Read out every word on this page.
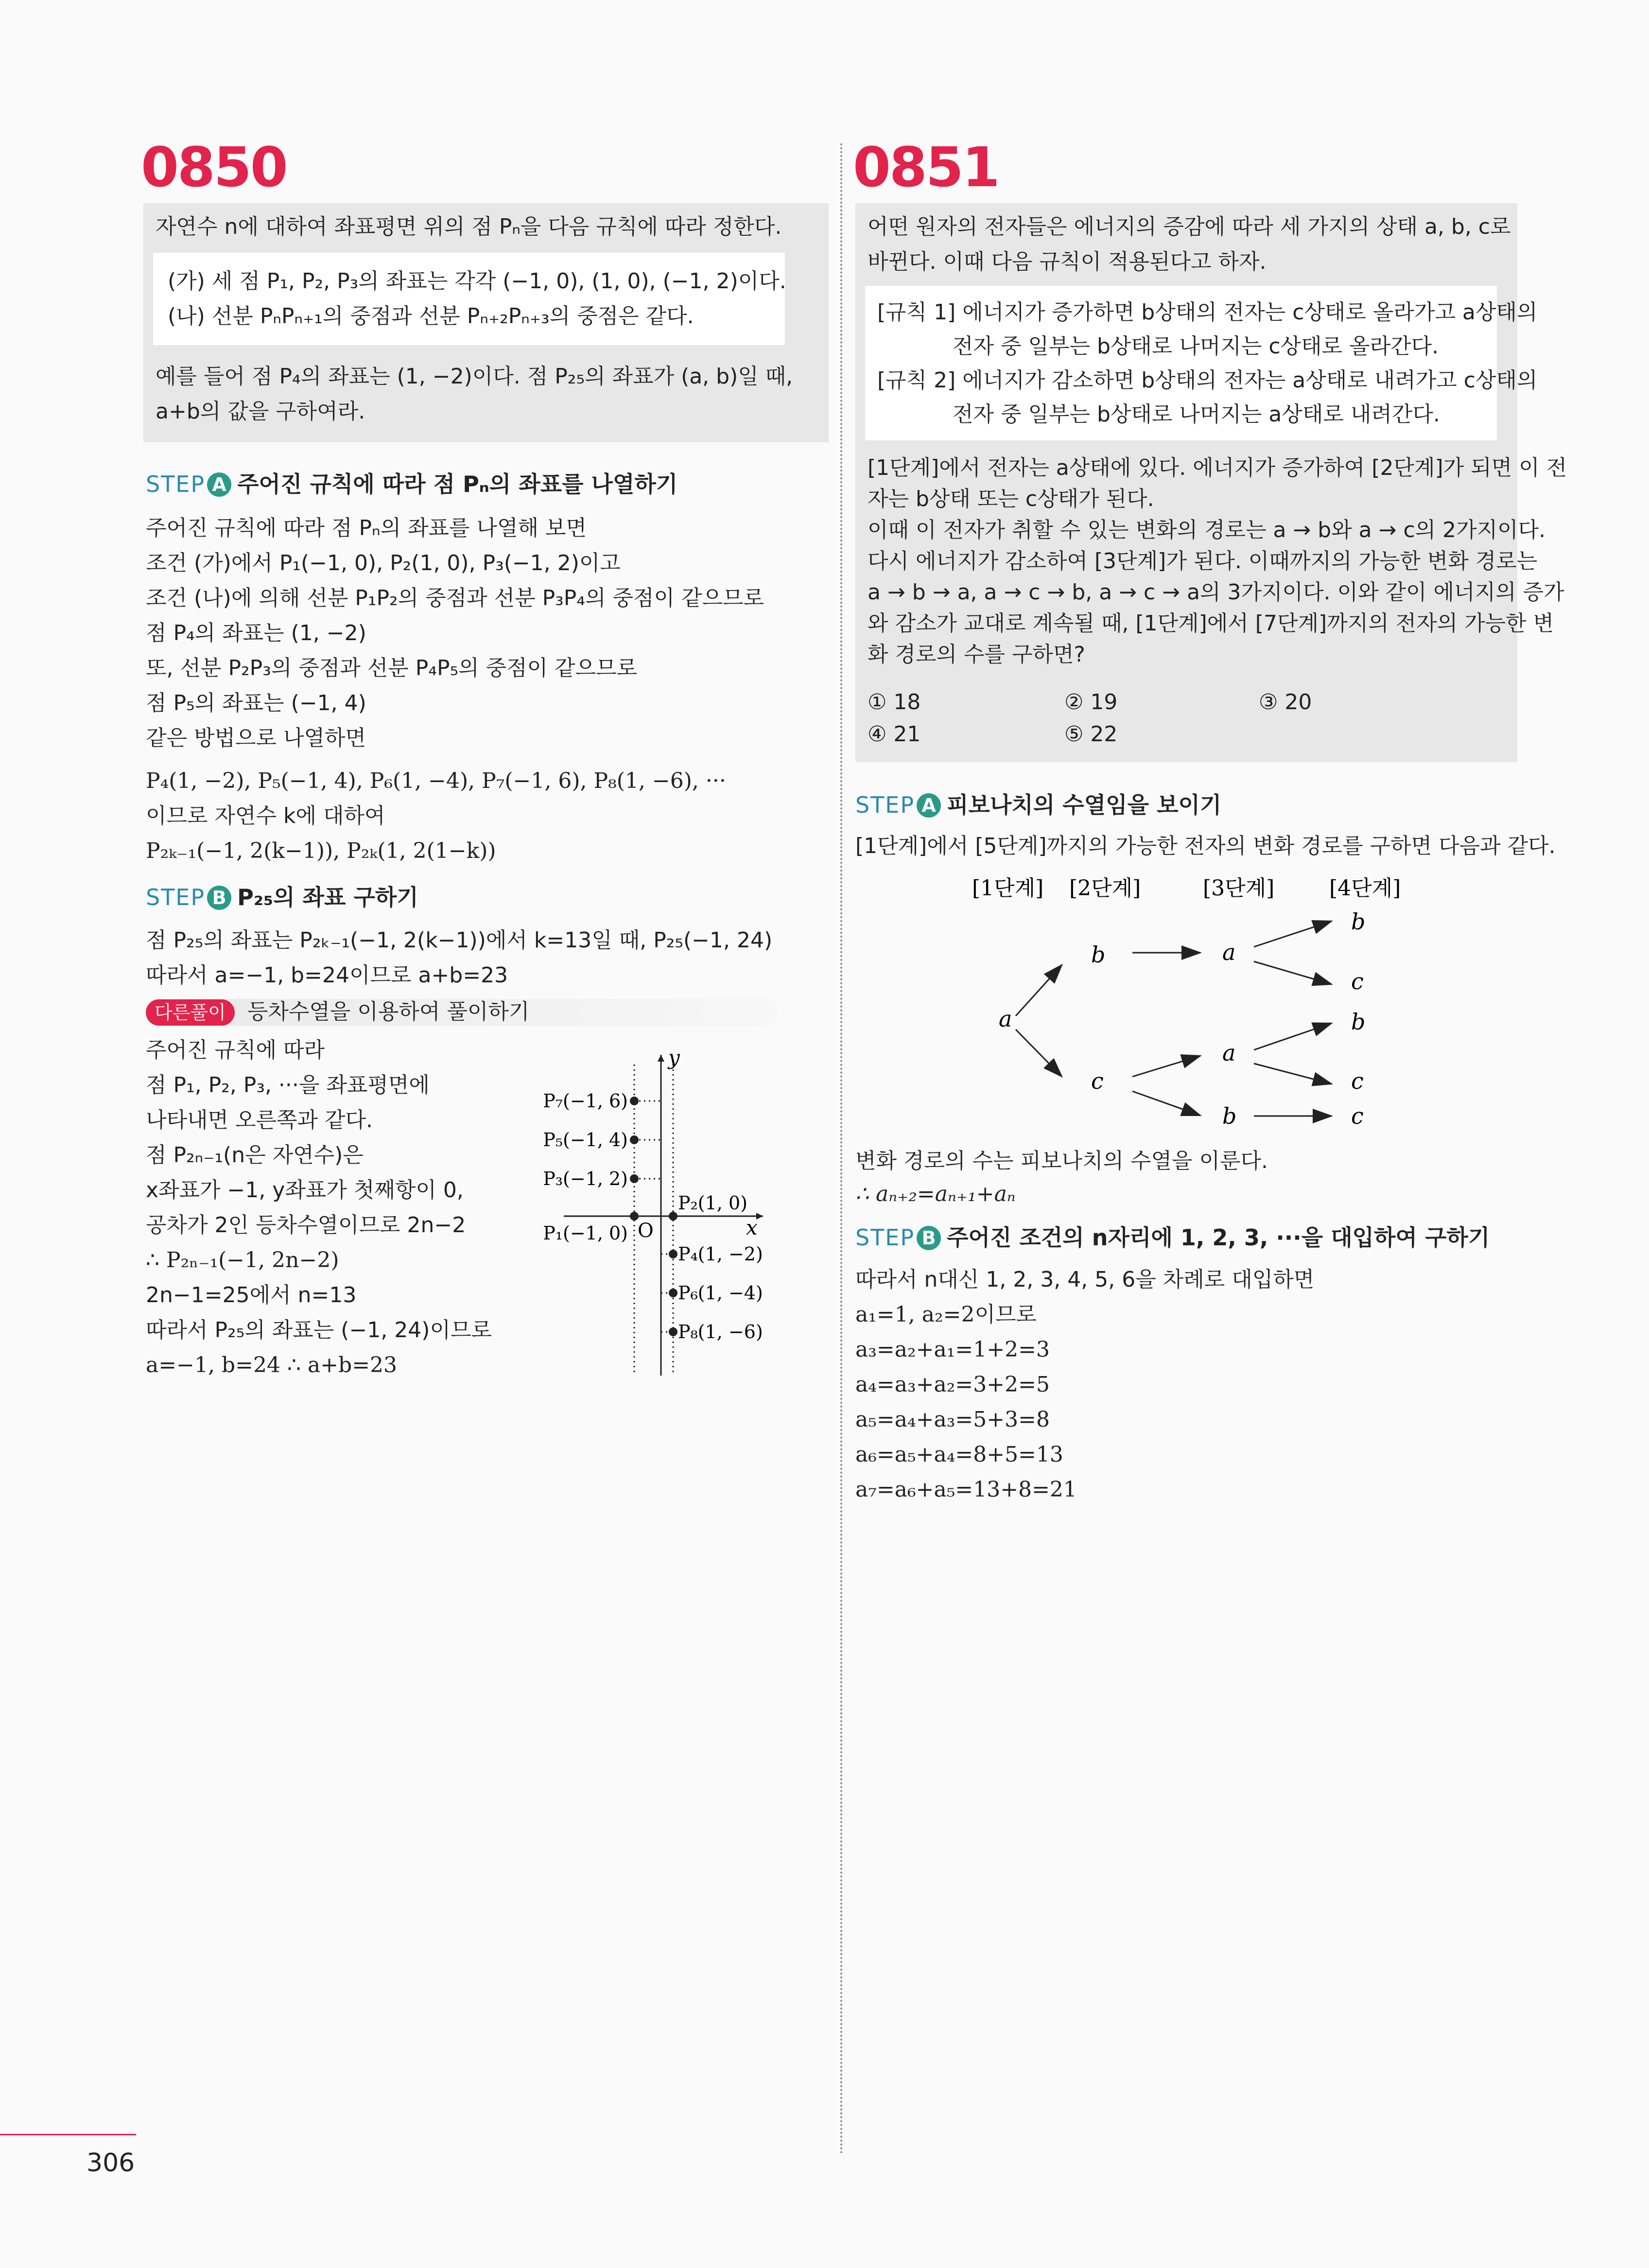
0850
자연수 n에 대하여 좌표평면 위의 점 Pₙ을 다음 규칙에 따라 정한다.
(가) 세 점 P₁, P₂, P₃의 좌표는 각각 (−1, 0), (1, 0), (−1, 2)이다.
(나) 선분 PₙPₙ₊₁의 중점과 선분 Pₙ₊₂Pₙ₊₃의 중점은 같다.
예를 들어 점 P₄의 좌표는 (1, −2)이다. 점 P₂₅의 좌표가 (a, b)일 때,
a+b의 값을 구하여라.
STEP A 주어진 규칙에 따라 점 Pₙ의 좌표를 나열하기
주어진 규칙에 따라 점 Pₙ의 좌표를 나열해 보면
조건 (가)에서 P₁(−1, 0), P₂(1, 0), P₃(−1, 2)이고
조건 (나)에 의해 선분 P₁P₂의 중점과 선분 P₃P₄의 중점이 같으므로
점 P₄의 좌표는 (1, −2)
또, 선분 P₂P₃의 중점과 선분 P₄P₅의 중점이 같으므로
점 P₅의 좌표는 (−1, 4)
같은 방법으로 나열하면
P₄(1, −2), P₅(−1, 4), P₆(1, −4), P₇(−1, 6), P₈(1, −6), ···
이므로 자연수 k에 대하여
P₂ₖ₋₁(−1, 2(k−1)), P₂ₖ(1, 2(1−k))
STEP B P₂₅의 좌표 구하기
점 P₂₅의 좌표는 P₂ₖ₋₁(−1, 2(k−1))에서 k=13일 때, P₂₅(−1, 24)
따라서 a=−1, b=24이므로 a+b=23
다른풀이 등차수열을 이용하여 풀이하기
주어진 규칙에 따라
점 P₁, P₂, P₃, ···을 좌표평면에
나타내면 오른쪽과 같다.
점 P₂ₙ₋₁(n은 자연수)은
x좌표가 −1, y좌표가 첫째항이 0,
공차가 2인 등차수열이므로 2n−2
∴ P₂ₙ₋₁(−1, 2n−2)
2n−1=25에서 n=13
따라서 P₂₅의 좌표는 (−1, 24)이므로
a=−1, b=24 ∴ a+b=23
x
y
O
P₇(−1, 6)
P₅(−1, 4)
P₃(−1, 2)
P₁(−1, 0)
P₂(1, 0)
P₄(1, −2)
P₆(1, −4)
P₈(1, −6)
306
0851
어떤 원자의 전자들은 에너지의 증감에 따라 세 가지의 상태 a, b, c로
바뀐다. 이때 다음 규칙이 적용된다고 하자.
[규칙 1] 에너지가 증가하면 b상태의 전자는 c상태로 올라가고 a상태의
전자 중 일부는 b상태로 나머지는 c상태로 올라간다.
[규칙 2] 에너지가 감소하면 b상태의 전자는 a상태로 내려가고 c상태의
전자 중 일부는 b상태로 나머지는 a상태로 내려간다.
[1단계]에서 전자는 a상태에 있다. 에너지가 증가하여 [2단계]가 되면 이 전
자는 b상태 또는 c상태가 된다.
이때 이 전자가 취할 수 있는 변화의 경로는 a → b와 a → c의 2가지이다.
다시 에너지가 감소하여 [3단계]가 된다. 이때까지의 가능한 변화 경로는
a → b → a, a → c → b, a → c → a의 3가지이다. 이와 같이 에너지의 증가
와 감소가 교대로 계속될 때, [1단계]에서 [7단계]까지의 전자의 가능한 변
화 경로의 수를 구하면?
① 18	② 19	③ 20
④ 21	⑤ 22
STEP A 피보나치의 수열임을 보이기
[1단계]에서 [5단계]까지의 가능한 전자의 변화 경로를 구하면 다음과 같다.
[1단계] [2단계]	[3단계]	[4단계]
a
b
c
a
a
b
b
c
b
c
c
변화 경로의 수는 피보나치의 수열을 이룬다.
∴ aₙ₊₂=aₙ₊₁+aₙ
STEP B 주어진 조건의 n자리에 1, 2, 3, ···을 대입하여 구하기
따라서 n대신 1, 2, 3, 4, 5, 6을 차례로 대입하면
a₁=1, a₂=2이므로
a₃=a₂+a₁=1+2=3
a₄=a₃+a₂=3+2=5
a₅=a₄+a₃=5+3=8
a₆=a₅+a₄=8+5=13
a₇=a₆+a₅=13+8=21
